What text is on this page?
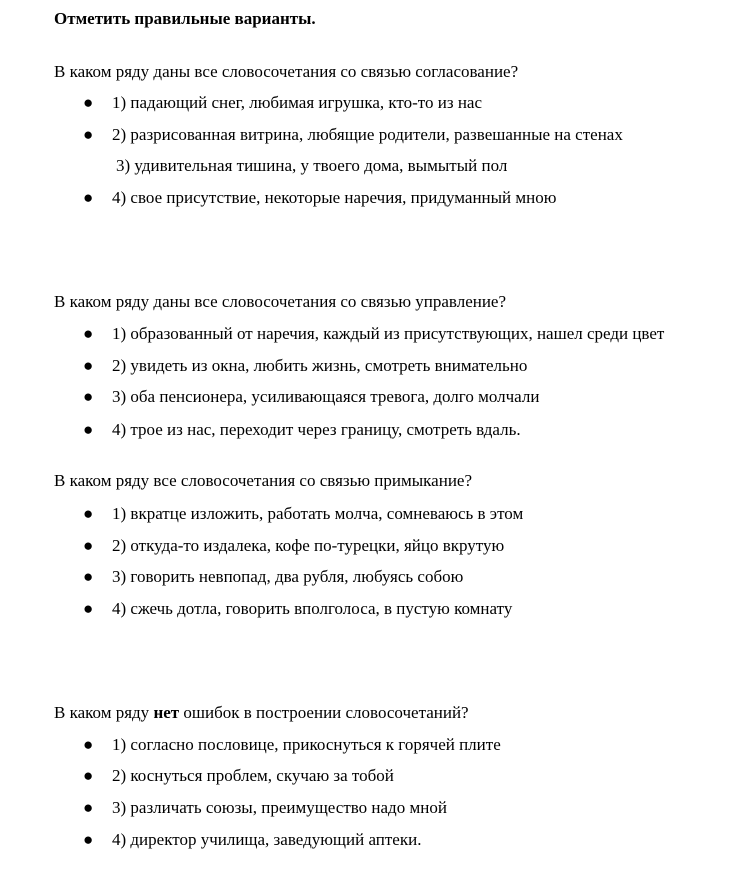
Отметить правильные варианты.
В каком ряду даны все словосочетания со связью согласование?
● 1) падающий снег, любимая игрушка, кто-то из нас
● 2) разрисованная витрина, любящие родители, развешанные на стенах
3) удивительная тишина, у твоего дома, вымытый пол
● 4) свое присутствие, некоторые наречия, придуманный мною
В каком ряду даны все словосочетания со связью управление?
● 1) образованный от наречия, каждый из присутствующих, нашел среди цвет
● 2) увидеть из окна, любить жизнь, смотреть внимательно
● 3) оба пенсионера, усиливающаяся тревога, долго молчали
● 4) трое из нас, переходит через границу, смотреть вдаль.
В каком ряду все словосочетания со связью примыкание?
● 1) вкратце изложить, работать молча, сомневаюсь в этом
● 2) откуда-то издалека, кофе по-турецки, яйцо вкрутую
● 3) говорить невпопад, два рубля, любуясь собою
● 4) сжечь дотла, говорить вполголоса, в пустую комнату
В каком ряду нет ошибок в построении словосочетаний?
● 1) согласно пословице, прикоснуться к горячей плите
● 2) коснуться проблем, скучаю за тобой
● 3) различать союзы, преимущество надо мной
● 4) директор училища, заведующий аптеки.
